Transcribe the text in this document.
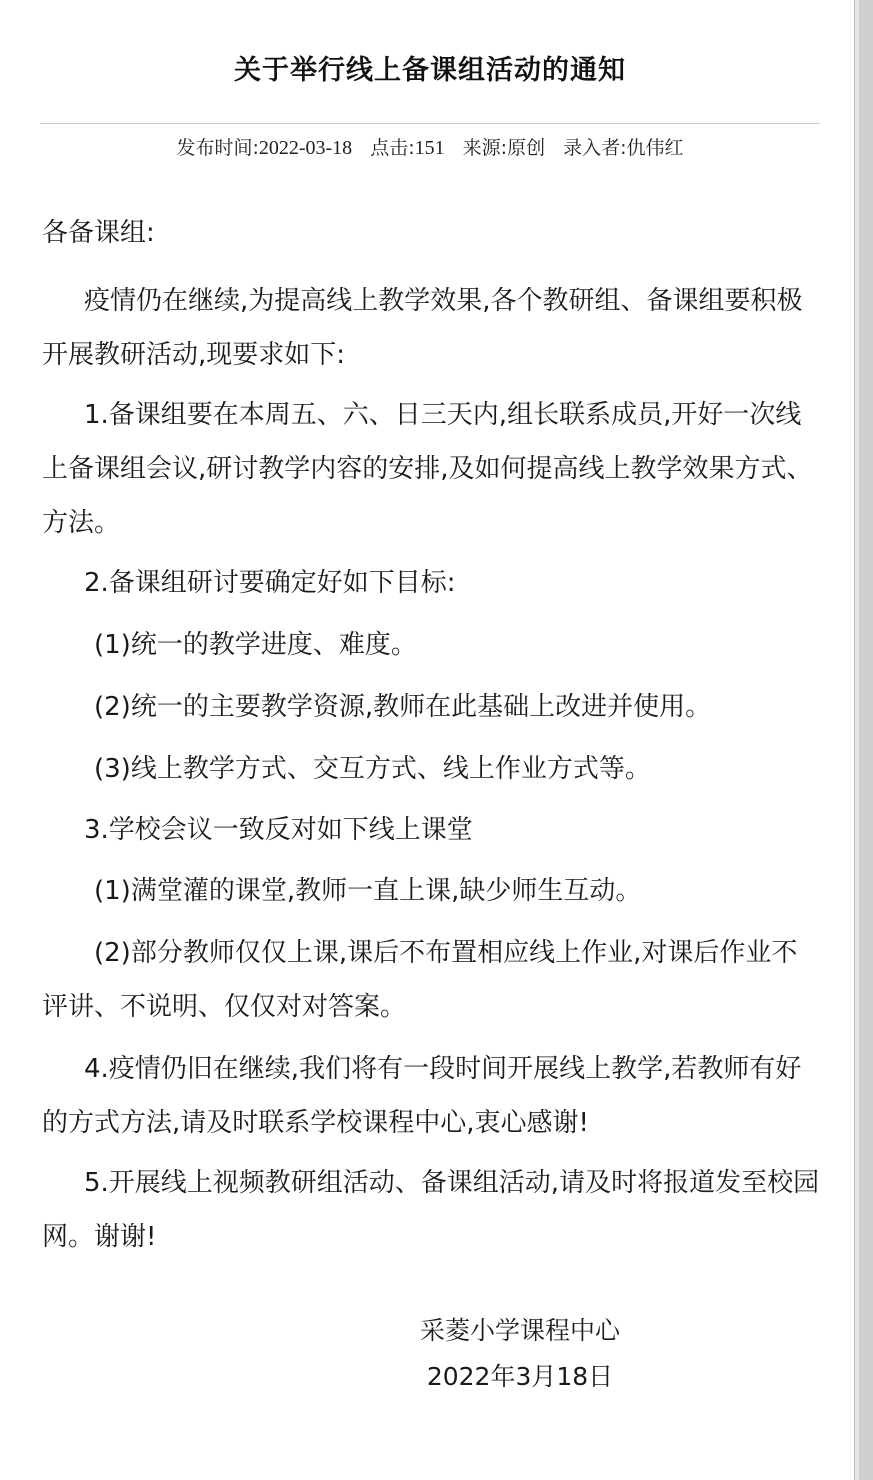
关于举行线上备课组活动的通知
发布时间:2022-03-18 点击:151 来源:原创 录入者:仇伟红

各备课组:

疫情仍在继续,为提高线上教学效果,各个教研组、备课组要积极开展教研活动,现要求如下:

1.备课组要在本周五、六、日三天内,组长联系成员,开好一次线上备课组会议,研讨教学内容的安排,及如何提高线上教学效果方式、方法。

2.备课组研讨要确定好如下目标:

(1)统一的教学进度、难度。

(2)统一的主要教学资源,教师在此基础上改进并使用。

(3)线上教学方式、交互方式、线上作业方式等。

3.学校会议一致反对如下线上课堂

(1)满堂灌的课堂,教师一直上课,缺少师生互动。

(2)部分教师仅仅上课,课后不布置相应线上作业,对课后作业不评讲、不说明、仅仅对对答案。

4.疫情仍旧在继续,我们将有一段时间开展线上教学,若教师有好的方式方法,请及时联系学校课程中心,衷心感谢!

5.开展线上视频教研组活动、备课组活动,请及时将报道发至校园网。谢谢!

采菱小学课程中心
2022年3月18日
